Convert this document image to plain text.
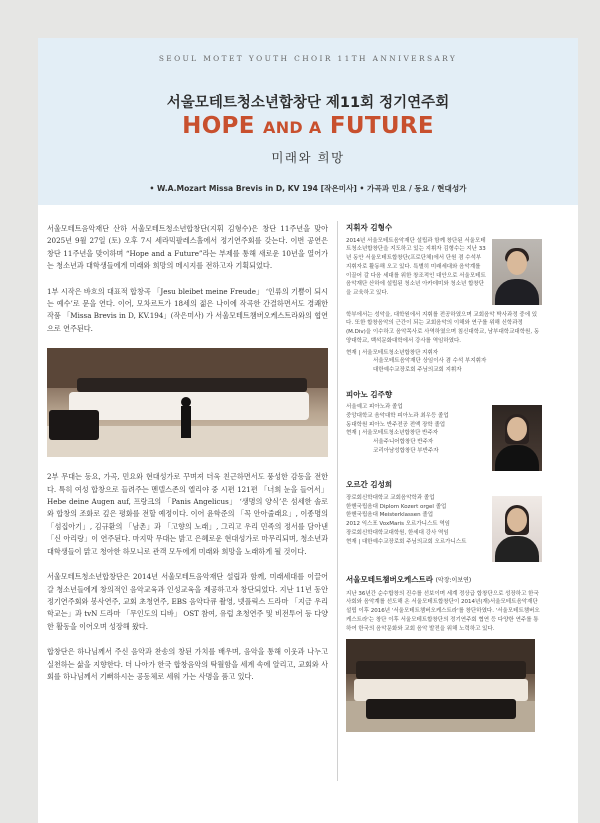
SEOUL MOTET YOUTH CHOIR 11TH ANNIVERSARY
서울모테트청소년합창단 제11회 정기연주회
HOPE AND A FUTURE
미래와 희망
• W.A.Mozart Missa Brevis in D, KV 194 [작은미사] • 가곡과 민요 / 동요 / 현대성가

서울모테트음악재단 산하 서울모테트청소년합창단(지휘 김형수)은 창단 11주년을 맞아 2025년 9월 27일 (토) 오후 7시 세라믹팔레스홀에서 정기연주회를 갖는다. 이번 공연은 창단 11주년을 맞이하며 “Hope and a Future”라는 부제를 통해 새로운 10년을 열어가는 청소년과 대학생들에게 미래와 희망의 메시지를 전하고자 기획되었다.

1부 시작은 바흐의 대표적 합창곡 「Jesu bleibet meine Freude」 ‘인류의 기쁨이 되시는 예수’로 문을 연다. 이어, 모차르트가 18세의 젊은 나이에 작곡한 간결하면서도 경쾌한 작품 「Missa Brevis in D, KV.194」(작은미사) 가 서울모테트챔버오케스트라와의 협연으로 연주된다.

2부 무대는 동요, 가곡, 민요와 현대성가로 꾸며져 더욱 친근하면서도 풍성한 감동을 전한다. 특히 여성 합창으로 들려주는 멘델스존의 엘리야 중 시편 121편 「너희 눈을 들어서」 Hebe deine Augen auf, 프랑크의 「Panis Angelicus」 ‘생명의 양식’은 섬세한 솔로와 합창의 조화로 깊은 평화를 전할 예정이다. 이어 윤학준의 「꼭 안아줄래요」, 이종명의 「섬집아기」, 김규환의 「남촌」과 「고향의 노래」, 그리고 우리 민족의 정서를 담아낸 「신 아리랑」이 연주된다. 마지막 무대는 밝고 은혜로운 현대성가로 마무리되며, 청소년과 대학생들이 맑고 청아한 하모니로 관객 모두에게 미래와 희망을 노래하게 될 것이다.

서울모테트청소년합창단은 2014년 서울모테트음악재단 설립과 함께, 미래세대를 이끌어 갈 청소년들에게 창의적인 음악교육과 인성교육을 제공하고자 창단되었다. 지난 11년 동안 정기연주회와 봉사연주, 교회 초청연주, EBS 음악다큐 촬영, 넷플릭스 드라마 「지금 우리 학교는」과 tvN 드라마 「무인도의 디바」 OST 참여, 유럽 초청연주 및 비전투어 등 다양한 활동을 이어오며 성장해 왔다.

합창단은 하나님께서 주신 음악과 찬송의 창된 가치를 배우며, 음악을 통해 이웃과 나누고 실천하는 삶을 지향한다. 더 나아가 한국 합창음악의 탁월함을 세계 속에 알리고, 교회와 사회를 하나님께서 기뻐하시는 공동체로 세워 가는 사명을 품고 있다.

지휘자 김형수
2014년 서울모테트음악재단 설립과 함께 창단된 서울모테트청소년합창단을 지도하고 있는 지휘자 김형수는 지난 33년 동안 서울모테트합창단(프로단체)에서 단원 겸 수석부지휘자로 활동해 오고 있다. 특별히 미래세대와 음악계를 이끌어 갈 다음 세대를 위한 창조적인 대안으로 서울모테트음악재단 산하에 설립된 청소년 아카데미와 청소년 합창단을 교육하고 있다.
학부에서는 성악을, 대학원에서 지휘를 전공하였으며 교회음악 박사과정 중에 있다. 또한 합창음악의 근간이 되는 교회음악의 이해와 연구를 위해 신학과정(M.Div)을 이수하고 음악목사로 사역하였으며 침신대학교, 남부대학교대학원, 동양대학교, 백석문화대학에서 강사를 역임하였다.
현재 | 서울모테트청소년합창단 지휘자
서울모테트음악재단 상임이사 겸 수석 부지휘자
대한예수교장로회 주님의교회 지휘자
피아노 김주향
서울예고 피아노과 졸업
중앙대학교 음악대학 피아노과 최우등 졸업
동대학원 피아노 반주전공 전액 장학 졸업
현재 | 서울모테트청소년합창단 반주자
서울주니어합창단 반주자
코리아남성합창단 부반주자
오르간 김성희
장로회신학대학교 교회음악학과 졸업
한헨국립음대 Diplom Kozert orgel 졸업
한헨국립음대 Meisterklassen 졸업
2012 익스포 VoxMaris 오르가니스트 역임
장로회신학대학교대학원, 한세대 강사 역임
현재 | 대한예수교장로회 주님의교회 오르가니스트
서울모테트챔버오케스트라 (악장:이보연)
지난 36년간 순수합창의 진수를 선보이며 세계 정상급 합창단으로 성장하고 한국 사회와 음악계를 선도해 온 서울모테트합창단이 2014년(재)서울모테트음악재단 설립 이후 2016년 '서울모테트챔버오케스트라'를 창단하였다. '서울모테트챔버오케스트라'는 창단 이후 서울모테트합창단의 정기연주회 협연 등 다양한 연주를 통하여 한국의 음악문화와 교회 음악 발전을 위해 노력하고 있다.
